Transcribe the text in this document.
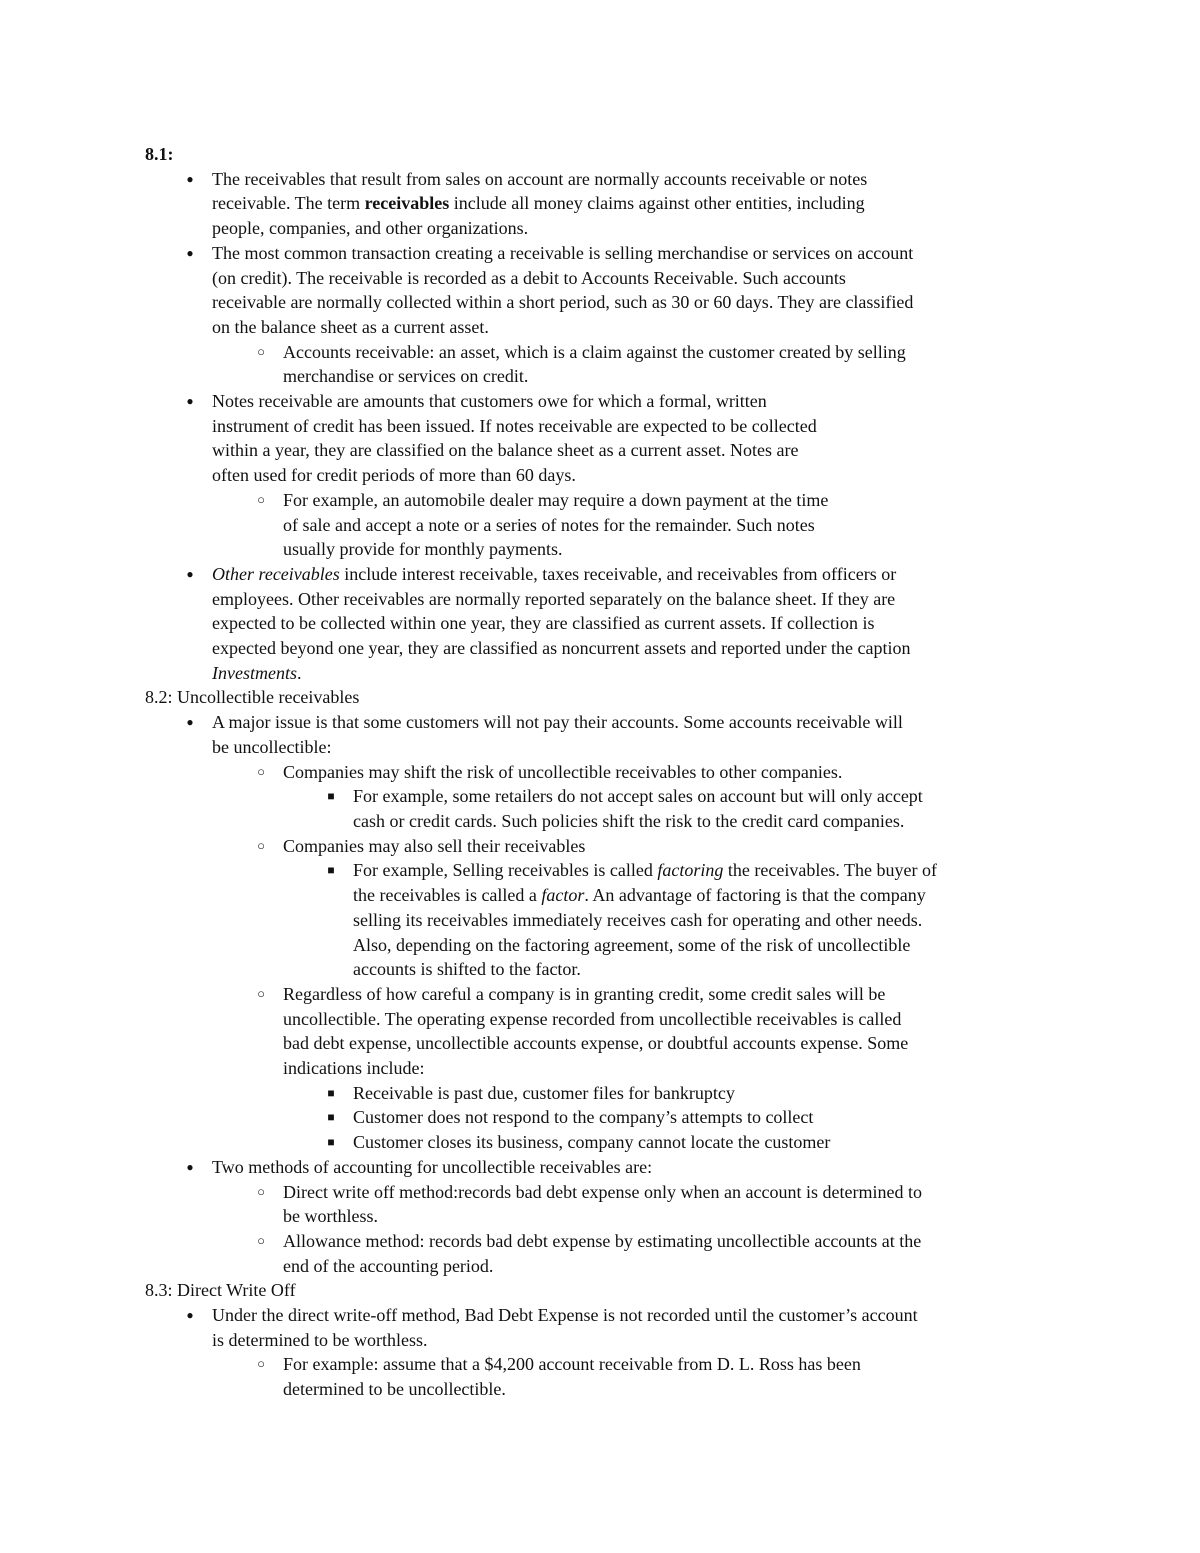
8.1:
●	The receivables that result from sales on account are normally accounts receivable or notes
receivable. The term receivables include all money claims against other entities, including
people, companies, and other organizations.
●	The most common transaction creating a receivable is selling merchandise or services on account
(on credit). The receivable is recorded as a debit to Accounts Receivable. Such accounts
receivable are normally collected within a short period, such as 30 or 60 days. They are classified
on the balance sheet as a current asset.
○	Accounts receivable: an asset, which is a claim against the customer created by selling
merchandise or services on credit.
●	Notes receivable are amounts that customers owe for which a formal, written
instrument of credit has been issued. If notes receivable are expected to be collected
within a year, they are classified on the balance sheet as a current asset. Notes are
often used for credit periods of more than 60 days.
○	For example, an automobile dealer may require a down payment at the time
of sale and accept a note or a series of notes for the remainder. Such notes
usually provide for monthly payments.
●	Other receivables include interest receivable, taxes receivable, and receivables from officers or
employees. Other receivables are normally reported separately on the balance sheet. If they are
expected to be collected within one year, they are classified as current assets. If collection is
expected beyond one year, they are classified as noncurrent assets and reported under the caption
Investments.
8.2: Uncollectible receivables
●	A major issue is that some customers will not pay their accounts. Some accounts receivable will
be uncollectible:
○	Companies may shift the risk of uncollectible receivables to other companies.
■	For example, some retailers do not accept sales on account but will only accept
cash or credit cards. Such policies shift the risk to the credit card companies.
○	Companies may also sell their receivables
■	For example, Selling receivables is called factoring the receivables. The buyer of
the receivables is called a factor. An advantage of factoring is that the company
selling its receivables immediately receives cash for operating and other needs.
Also, depending on the factoring agreement, some of the risk of uncollectible
accounts is shifted to the factor.
○	Regardless of how careful a company is in granting credit, some credit sales will be
uncollectible. The operating expense recorded from uncollectible receivables is called
bad debt expense, uncollectible accounts expense, or doubtful accounts expense. Some
indications include:
■	Receivable is past due, customer files for bankruptcy
■	Customer does not respond to the company’s attempts to collect
■	Customer closes its business, company cannot locate the customer
●	Two methods of accounting for uncollectible receivables are:
○	Direct write off method:records bad debt expense only when an account is determined to
be worthless.
○	Allowance method: records bad debt expense by estimating uncollectible accounts at the
end of the accounting period.
8.3: Direct Write Off
●	Under the direct write-off method, Bad Debt Expense is not recorded until the customer’s account
is determined to be worthless.
○	For example: assume that a $4,200 account receivable from D. L. Ross has been
determined to be uncollectible.
